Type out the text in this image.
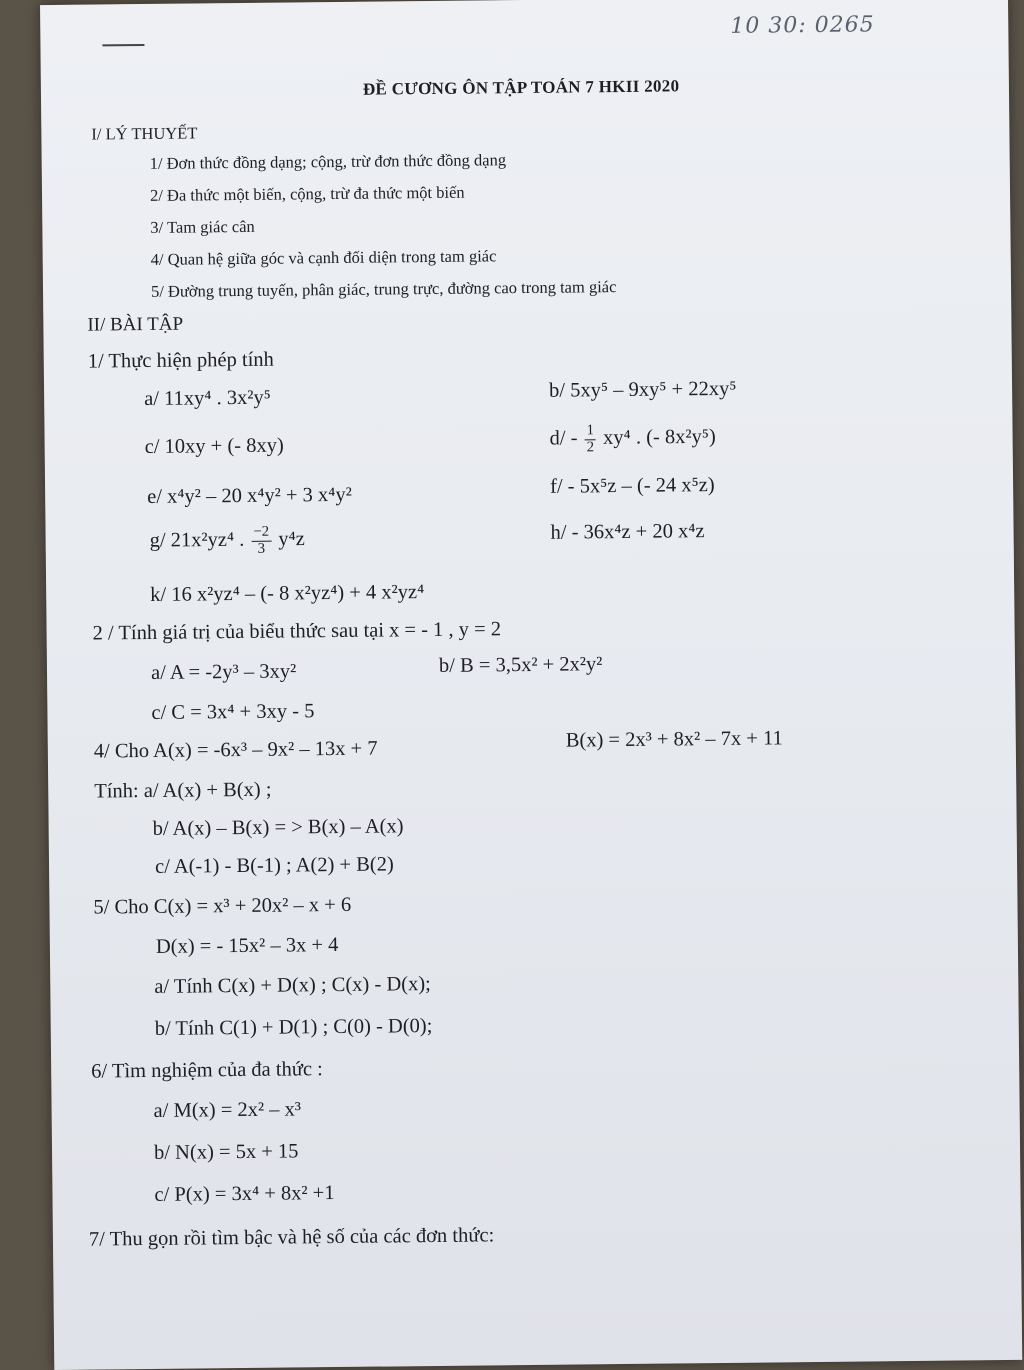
10 30: 0265
ĐỀ CƯƠNG ÔN TẬP TOÁN 7 HKII 2020
I/ LÝ THUYẾT
1/ Đơn thức đồng dạng; cộng, trừ đơn thức đồng dạng
2/ Đa thức một biến, cộng, trừ đa thức một biến
3/ Tam giác cân
4/ Quan hệ giữa góc và cạnh đối diện trong tam giác
5/ Đường trung tuyến, phân giác, trung trực, đường cao trong tam giác
II/ BÀI TẬP
1/ Thực hiện phép tính
a/ 11xy⁴ . 3x²y⁵	b/ 5xy⁵ – 9xy⁵ + 22xy⁵
c/ 10xy + (- 8xy)	$d/ - \frac{1}{2} xy^4$ . (- 8x²y⁵)
e/ x⁴y² – 20 x⁴y² + 3 x⁴y²	f/ - 5x⁵z – (- 24 x⁵z)
g/ 21x²yz⁴ . $\frac{-2}{3} y^4z$	h/ - 36x⁴z + 20 x⁴z
k/ 16 x²yz⁴ – (- 8 x²yz⁴) + 4 x²yz⁴
2 / Tính giá trị của biểu thức sau tại x = - 1 , y = 2
a/ A = -2y³ – 3xy²	b/ B = 3,5x² + 2x²y²
c/ C = 3x⁴ + 3xy - 5
4/ Cho A(x) = -6x³ – 9x² – 13x + 7	B(x) = 2x³ + 8x² – 7x + 11
Tính: a/ A(x) + B(x) ;
b/ A(x) – B(x) = > B(x) – A(x)
c/ A(-1) - B(-1) ; A(2) + B(2)
5/ Cho C(x) = x³ + 20x² – x + 6
D(x) = - 15x² – 3x + 4
a/ Tính C(x) + D(x) ; C(x) - D(x);
b/ Tính C(1) + D(1) ; C(0) - D(0);
6/ Tìm nghiệm của đa thức :
a/ M(x) = 2x² – x³
b/ N(x) = 5x + 15
c/ P(x) = 3x⁴ + 8x² +1
7/ Thu gọn rồi tìm bậc và hệ số của các đơn thức:
